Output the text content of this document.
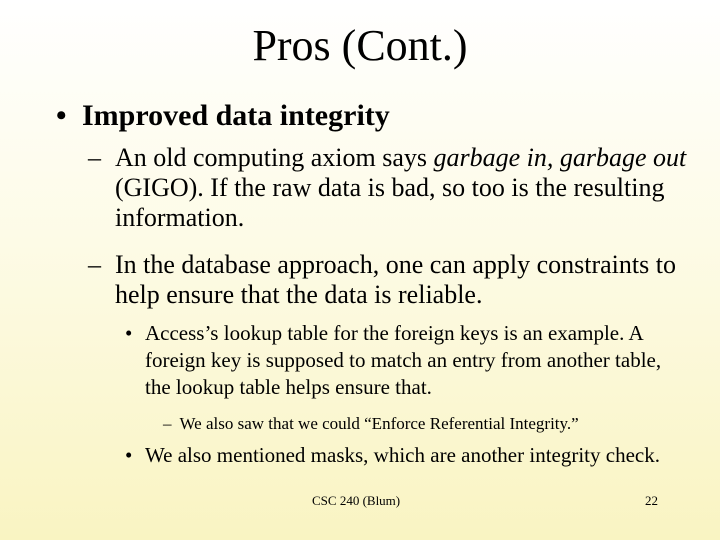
Pros (Cont.)
• Improved data integrity
– An old computing axiom says garbage in, garbage out (GIGO). If the raw data is bad, so too is the resulting information.
– In the database approach, one can apply constraints to help ensure that the data is reliable.
• Access’s lookup table for the foreign keys is an example. A foreign key is supposed to match an entry from another table, the lookup table helps ensure that.
– We also saw that we could “Enforce Referential Integrity.”
• We also mentioned masks, which are another integrity check.
CSC 240 (Blum)	22
